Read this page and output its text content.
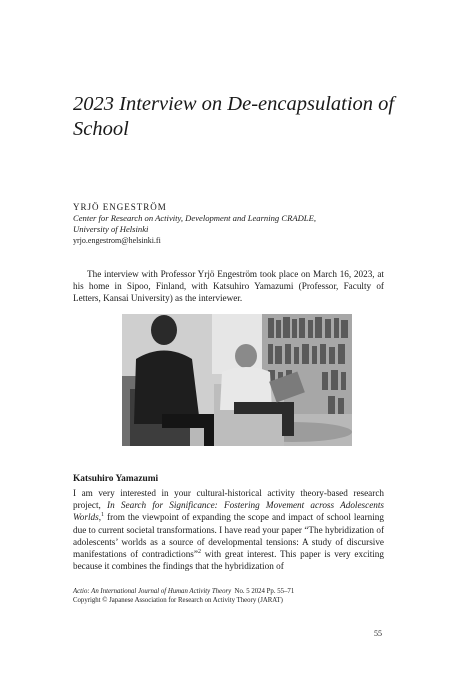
2023 Interview on De-encapsulation of School
YRJÖ ENGESTRÖM
Center for Research on Activity, Development and Learning CRADLE,
University of Helsinki
yrjo.engestrom@helsinki.fi

The interview with Professor Yrjö Engeström took place on March 16, 2023, at his home in Sipoo, Finland, with Katsuhiro Yamazumi (Professor, Faculty of Letters, Kansai University) as the interviewer.

Katsuhiro Yamazumi

I am very interested in your cultural-historical activity theory-based research project, In Search for Significance: Fostering Movement across Adolescents Worlds,$^1$ from the viewpoint of expanding the scope and impact of school learning due to current societal transformations. I have read your paper “The hybridization of adolescents’ worlds as a source of developmental tensions: A study of discursive manifestations of contradictions”$^2$ with great interest. This paper is very exciting because it combines the findings that the hybridization of

Actio: An International Journal of Human Activity Theory No. 5 2024 Pp. 55–71
Copyright © Japanese Association for Research on Activity Theory (JARAT)
55
